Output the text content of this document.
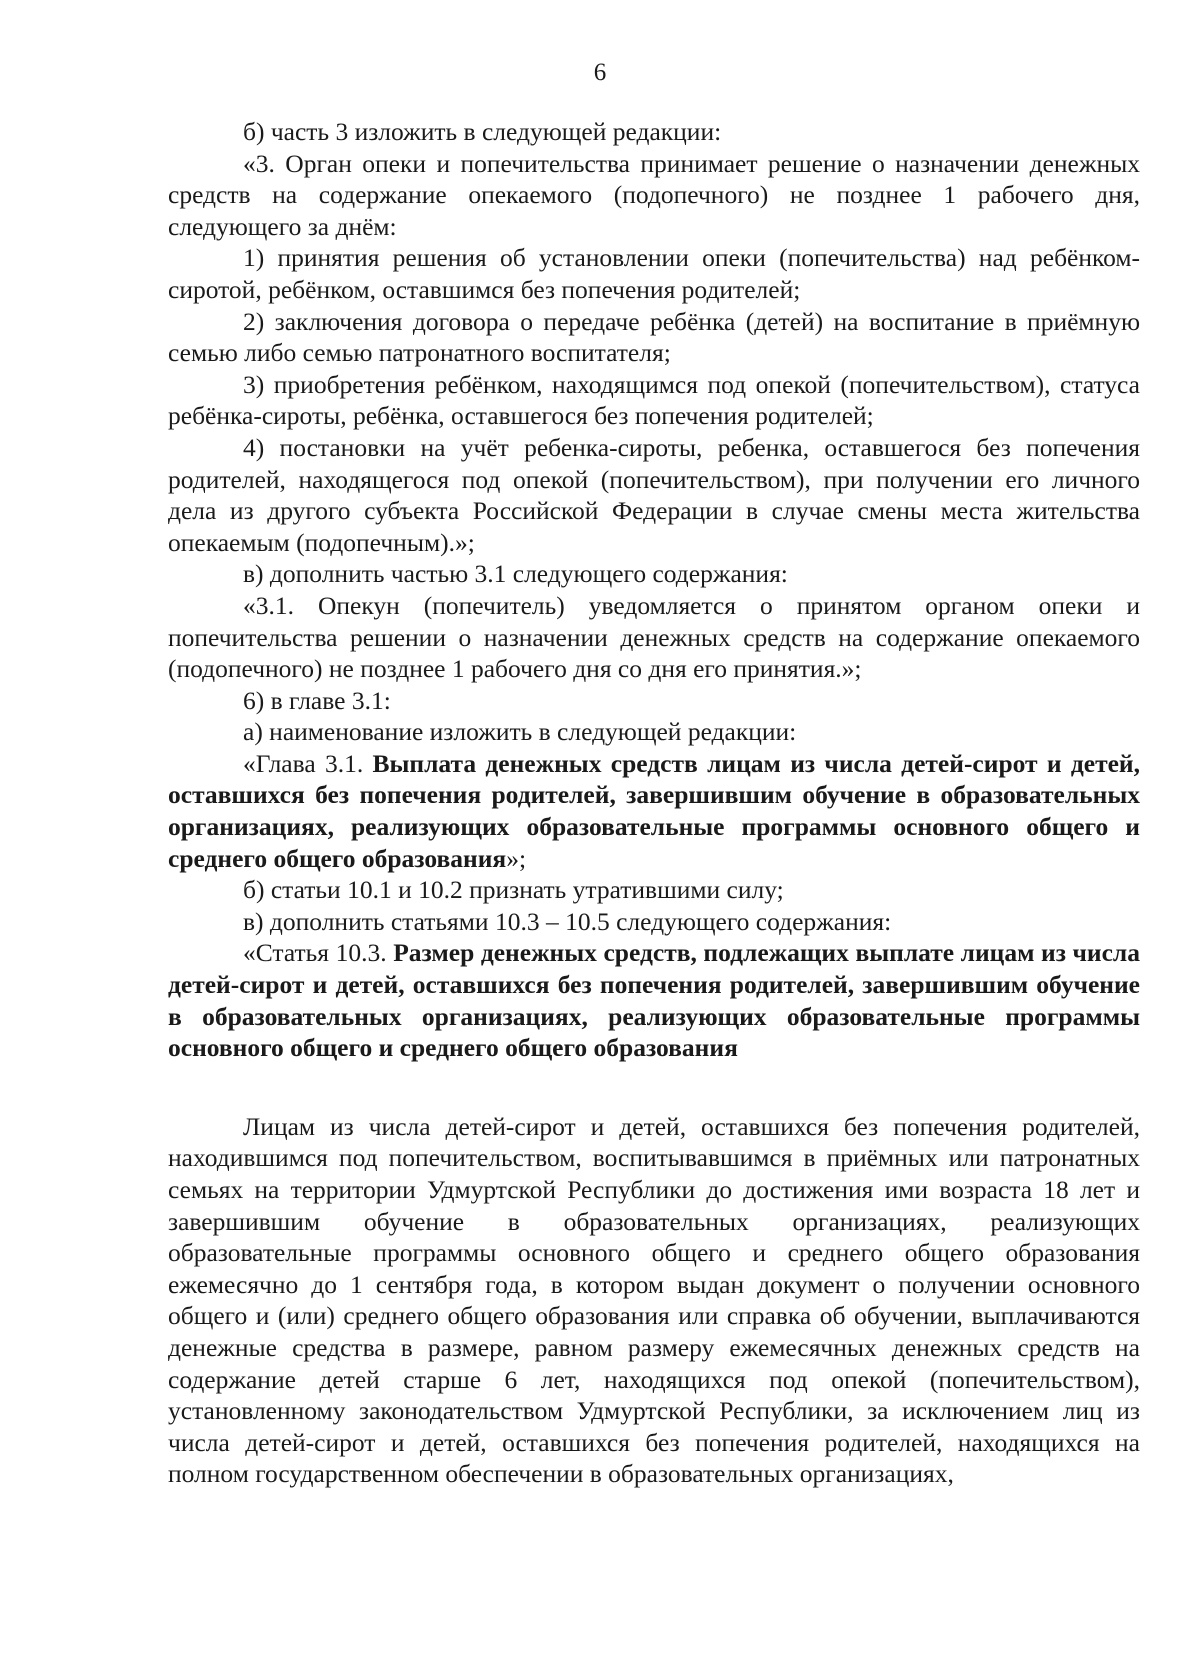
6

б) часть 3 изложить в следующей редакции:

«3. Орган опеки и попечительства принимает решение о назначении денежных средств на содержание опекаемого (подопечного) не позднее 1 рабочего дня, следующего за днём:

1) принятия решения об установлении опеки (попечительства) над ребёнком-сиротой, ребёнком, оставшимся без попечения родителей;

2) заключения договора о передаче ребёнка (детей) на воспитание в приёмную семью либо семью патронатного воспитателя;

3) приобретения ребёнком, находящимся под опекой (попечительством), статуса ребёнка-сироты, ребёнка, оставшегося без попечения родителей;

4) постановки на учёт ребенка-сироты, ребенка, оставшегося без попечения родителей, находящегося под опекой (попечительством), при получении его личного дела из другого субъекта Российской Федерации в случае смены места жительства опекаемым (подопечным).»;

в) дополнить частью 3.1 следующего содержания:

«3.1. Опекун (попечитель) уведомляется о принятом органом опеки и попечительства решении о назначении денежных средств на содержание опекаемого (подопечного) не позднее 1 рабочего дня со дня его принятия.»;

6) в главе 3.1:

а) наименование изложить в следующей редакции:

«Глава 3.1. Выплата денежных средств лицам из числа детей-сирот и детей, оставшихся без попечения родителей, завершившим обучение в образовательных организациях, реализующих образовательные программы основного общего и среднего общего образования»;

б) статьи 10.1 и 10.2 признать утратившими силу;

в) дополнить статьями 10.3 – 10.5 следующего содержания:

«Статья 10.3. Размер денежных средств, подлежащих выплате лицам из числа детей-сирот и детей, оставшихся без попечения родителей, завершившим обучение в образовательных организациях, реализующих образовательные программы основного общего и среднего общего образования

Лицам из числа детей-сирот и детей, оставшихся без попечения родителей, находившимся под попечительством, воспитывавшимся в приёмных или патронатных семьях на территории Удмуртской Республики до достижения ими возраста 18 лет и завершившим обучение в образовательных организациях, реализующих образовательные программы основного общего и среднего общего образования ежемесячно до 1 сентября года, в котором выдан документ о получении основного общего и (или) среднего общего образования или справка об обучении, выплачиваются денежные средства в размере, равном размеру ежемесячных денежных средств на содержание детей старше 6 лет, находящихся под опекой (попечительством), установленному законодательством Удмуртской Республики, за исключением лиц из числа детей-сирот и детей, оставшихся без попечения родителей, находящихся на полном государственном обеспечении в образовательных организациях,
